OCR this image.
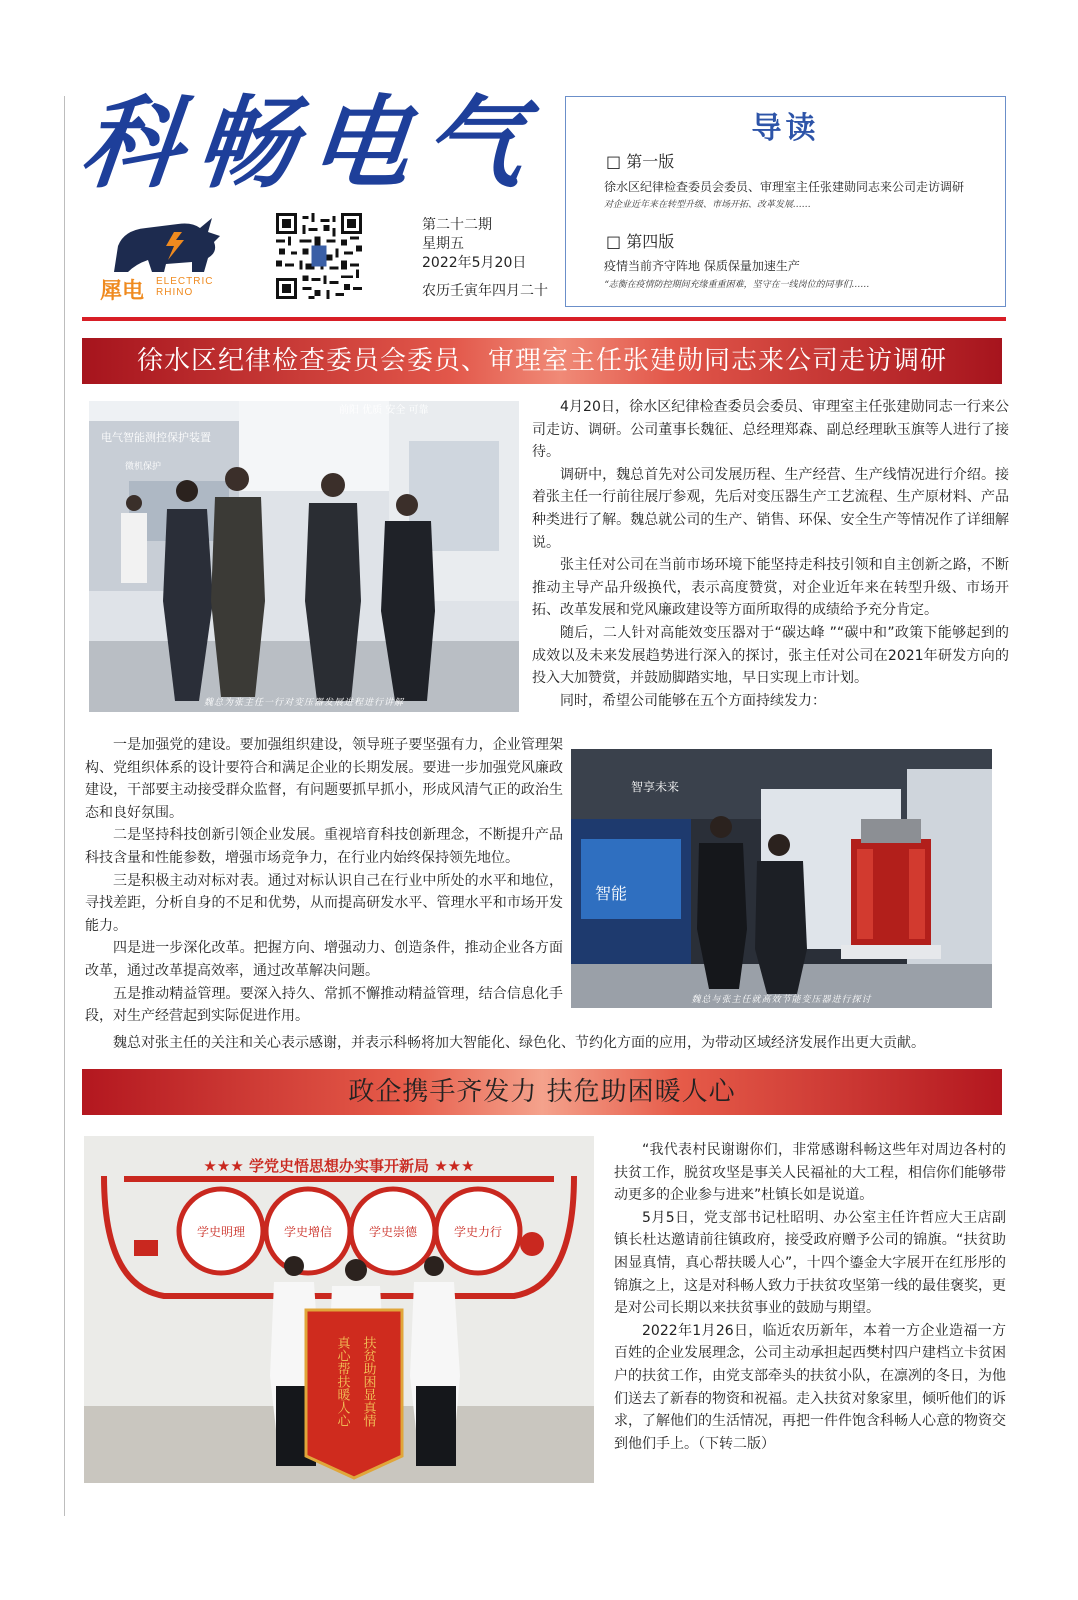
科畅电气
犀电 ELECTRIC
RHINO
第二十二期
星期五
2022年5月20日
农历壬寅年四月二十
导读
□ 第一版
徐水区纪律检查委员会委员、审理室主任张建勋同志来公司走访调研
对企业近年来在转型升级、市场开拓、改革发展……
□ 第四版
疫情当前齐守阵地 保质保量加速生产
“志衡在疫情防控期间充缘重重困难，坚守在一线岗位的同事们……
徐水区纪律检查委员会委员、审理室主任张建勋同志来公司走访调研
电气智能测控保护装置
微机保护
前阳 优质 安全 可靠
魏总为张主任一行对变压器发展进程进行讲解

4月20日，徐水区纪律检查委员会委员、审理室主任张建勋同志一行来公司走访、调研。公司董事长魏征、总经理郑森、副总经理耿玉旗等人进行了接待。

调研中，魏总首先对公司发展历程、生产经营、生产线情况进行介绍。接着张主任一行前往展厅参观，先后对变压器生产工艺流程、生产原材料、产品种类进行了解。魏总就公司的生产、销售、环保、安全生产等情况作了详细解说。

张主任对公司在当前市场环境下能坚持走科技引领和自主创新之路，不断推动主导产品升级换代，表示高度赞赏，对企业近年来在转型升级、市场开拓、改革发展和党风廉政建设等方面所取得的成绩给予充分肯定。

随后，二人针对高能效变压器对于“碳达峰 ”“碳中和”政策下能够起到的成效以及未来发展趋势进行深入的探讨，张主任对公司在2021年研发方向的投入大加赞赏，并鼓励脚踏实地，早日实现上市计划。

同时，希望公司能够在五个方面持续发力：

一是加强党的建设。要加强组织建设，领导班子要坚强有力，企业管理架构、党组织体系的设计要符合和满足企业的长期发展。要进一步加强党风廉政建设，干部要主动接受群众监督，有问题要抓早抓小，形成风清气正的政治生态和良好氛围。

二是坚持科技创新引领企业发展。重视培育科技创新理念，不断提升产品科技含量和性能参数，增强市场竞争力，在行业内始终保持领先地位。

三是积极主动对标对表。通过对标认识自己在行业中所处的水平和地位，寻找差距，分析自身的不足和优势，从而提高研发水平、管理水平和市场开发能力。

四是进一步深化改革。把握方向、增强动力、创造条件，推动企业各方面改革，通过改革提高效率，通过改革解决问题。

五是推动精益管理。要深入持久、常抓不懈推动精益管理，结合信息化手段，对生产经营起到实际促进作用。

智享未来
智能
魏总与张主任就高效节能变压器进行探讨

魏总对张主任的关注和关心表示感谢，并表示科畅将加大智能化、绿色化、节约化方面的应用，为带动区域经济发展作出更大贡献。

政企携手齐发力 扶危助困暖人心
★★★ 学党史悟思想办实事开新局 ★★★
学史明理	学史增信	学史崇德	学史力行
真心帮扶暖人心 扶贫助困显真情

“我代表村民谢谢你们，非常感谢科畅这些年对周边各村的扶贫工作，脱贫攻坚是事关人民福祉的大工程，相信你们能够带动更多的企业参与进来”杜镇长如是说道。

5月5日，党支部书记杜昭明、办公室主任许哲应大王店副镇长杜达邀请前往镇政府，接受政府赠予公司的锦旗。“扶贫助困显真情，真心帮扶暖人心”，十四个鎏金大字展开在红彤彤的锦旗之上，这是对科畅人致力于扶贫攻坚第一线的最佳褒奖，更是对公司长期以来扶贫事业的鼓励与期望。

2022年1月26日，临近农历新年，本着一方企业造福一方百姓的企业发展理念，公司主动承担起西樊村四户建档立卡贫困户的扶贫工作，由党支部牵头的扶贫小队，在凛冽的冬日，为他们送去了新春的物资和祝福。走入扶贫对象家里，倾听他们的诉求，了解他们的生活情况，再把一件件饱含科畅人心意的物资交到他们手上。（下转二版）
